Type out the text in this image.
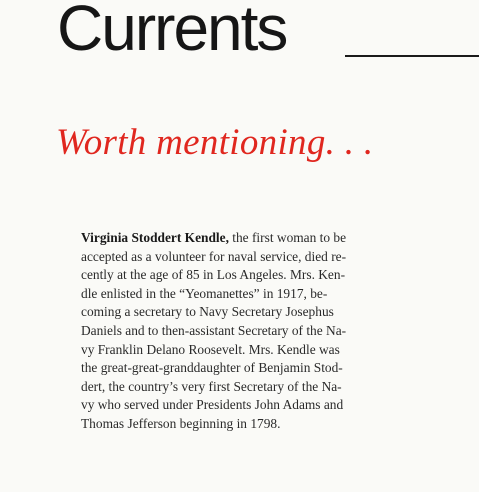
Currents
Worth mentioning. . .

Virginia Stoddert Kendle, the first woman to be
accepted as a volunteer for naval service, died re-
cently at the age of 85 in Los Angeles. Mrs. Ken-
dle enlisted in the “Yeomanettes” in 1917, be-
coming a secretary to Navy Secretary Josephus
Daniels and to then-assistant Secretary of the Na-
vy Franklin Delano Roosevelt. Mrs. Kendle was
the great-great-granddaughter of Benjamin Stod-
dert, the country’s very first Secretary of the Na-
vy who served under Presidents John Adams and
Thomas Jefferson beginning in 1798.
